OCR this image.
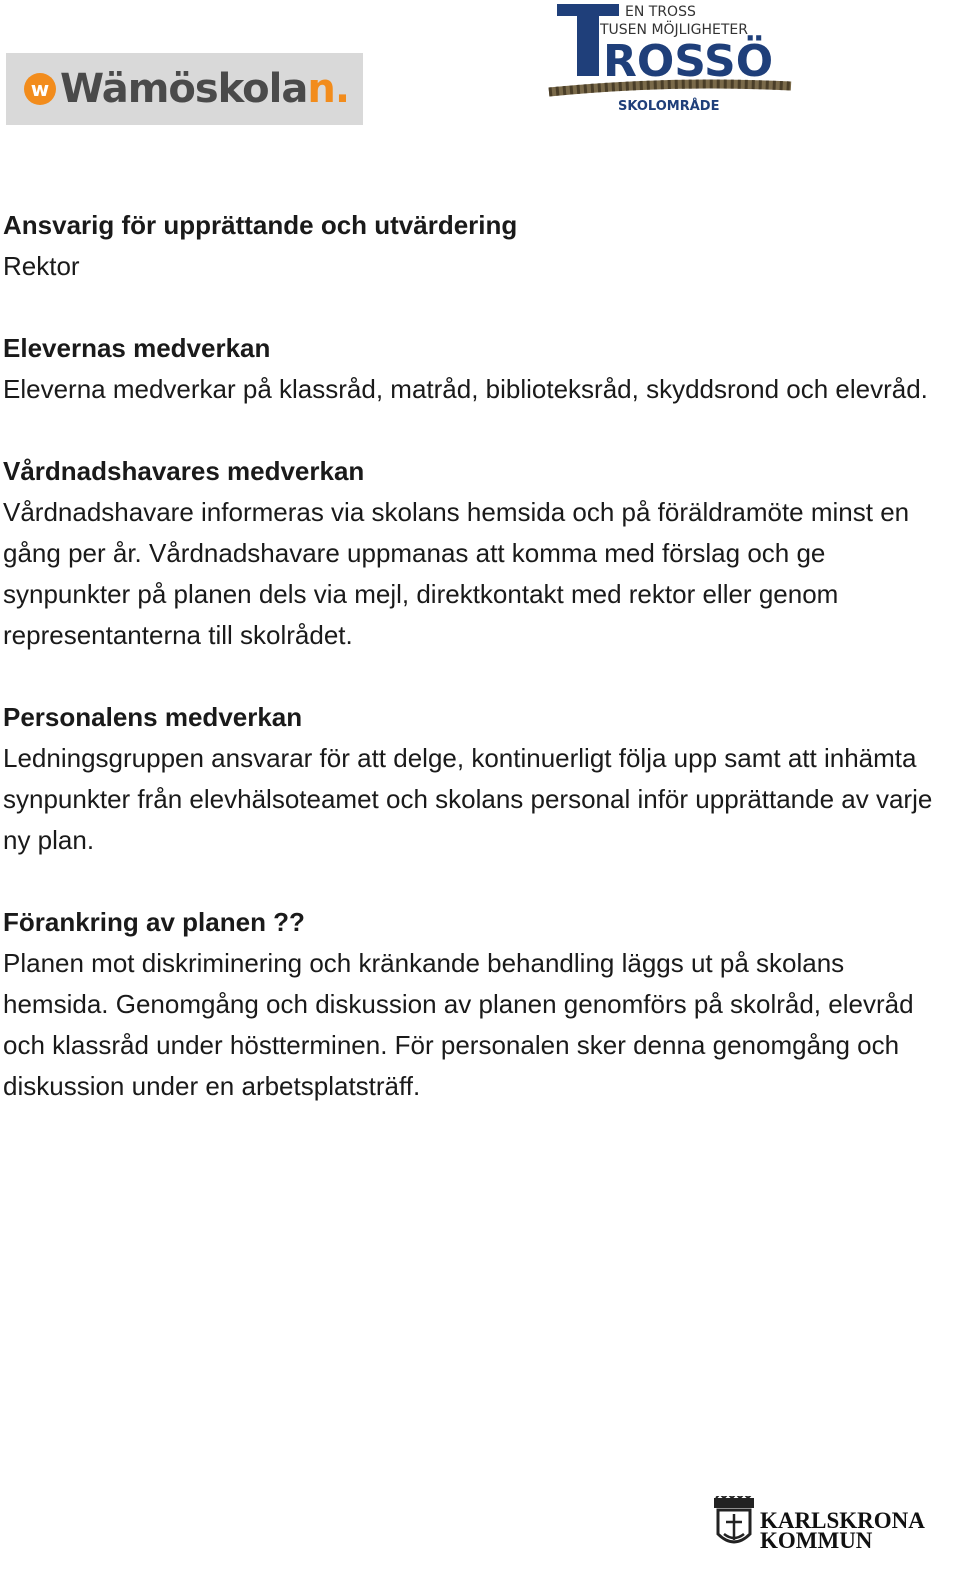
w Wämöskolan.
EN TROSS
TUSEN MÖJLIGHETER
ROSSÖ
SKOLOMRÅDE
Ansvarig för upprättande och utvärdering

Rektor

Elevernas medverkan

Eleverna medverkar på klassråd, matråd, biblioteksråd, skyddsrond och elevråd.

Vårdnadshavares medverkan

Vårdnadshavare informeras via skolans hemsida och på föräldramöte minst en gång per år. Vårdnadshavare uppmanas att komma med förslag och ge synpunkter på planen dels via mejl, direktkontakt med rektor eller genom representanterna till skolrådet.

Personalens medverkan

Ledningsgruppen ansvarar för att delge, kontinuerligt följa upp samt att inhämta synpunkter från elevhälsoteamet och skolans personal inför upprättande av varje ny plan.

Förankring av planen ??

Planen mot diskriminering och kränkande behandling läggs ut på skolans hemsida. Genomgång och diskussion av planen genomförs på skolråd, elevråd och klassråd under höstterminen. För personalen sker denna genomgång och diskussion under en arbetsplatsträff.

KARLSKRONA
KOMMUN
